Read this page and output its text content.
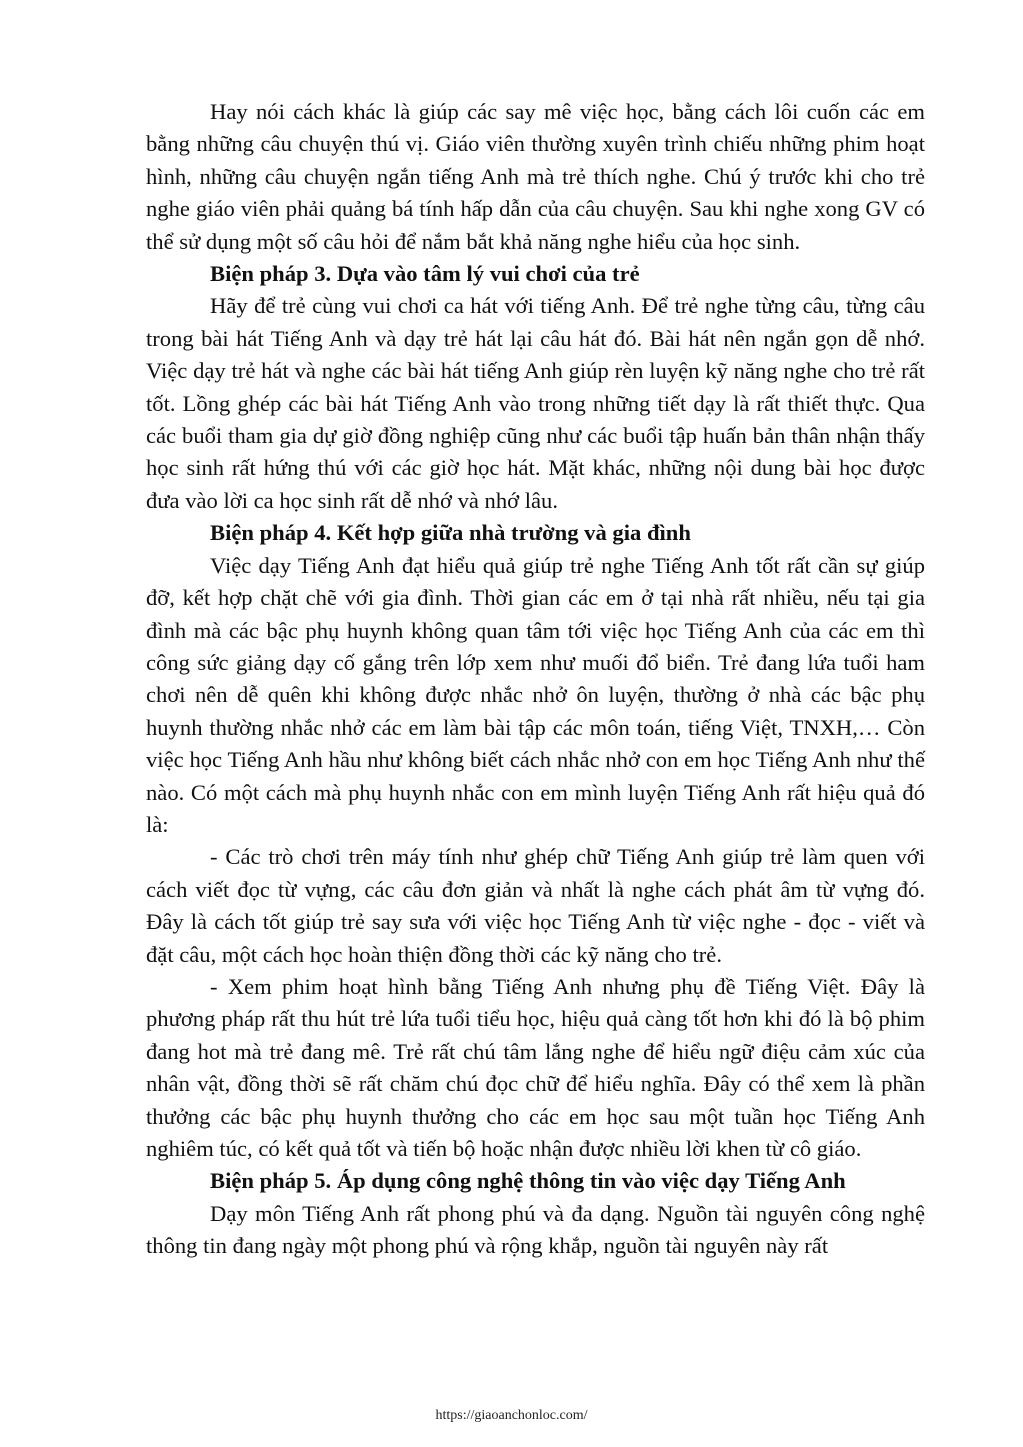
Hay nói cách khác là giúp các say mê việc học, bằng cách lôi cuốn các em bằng những câu chuyện thú vị. Giáo viên thường xuyên trình chiếu những phim hoạt hình, những câu chuyện ngắn tiếng Anh mà trẻ thích nghe. Chú ý trước khi cho trẻ nghe giáo viên phải quảng bá tính hấp dẫn của câu chuyện. Sau khi nghe xong GV có thể sử dụng một số câu hỏi để nắm bắt khả năng nghe hiểu của học sinh.

Biện pháp 3. Dựa vào tâm lý vui chơi của trẻ

Hãy để trẻ cùng vui chơi ca hát với tiếng Anh. Để trẻ nghe từng câu, từng câu trong bài hát Tiếng Anh và dạy trẻ hát lại câu hát đó. Bài hát nên ngắn gọn dễ nhớ. Việc dạy trẻ hát và nghe các bài hát tiếng Anh giúp rèn luyện kỹ năng nghe cho trẻ rất tốt. Lồng ghép các bài hát Tiếng Anh vào trong những tiết dạy là rất thiết thực. Qua các buổi tham gia dự giờ đồng nghiệp cũng như các buổi tập huấn bản thân nhận thấy học sinh rất hứng thú với các giờ học hát. Mặt khác, những nội dung bài học được đưa vào lời ca học sinh rất dễ nhớ và nhớ lâu.

Biện pháp 4. Kết hợp giữa nhà trường và gia đình

Việc dạy Tiếng Anh đạt hiểu quả giúp trẻ nghe Tiếng Anh tốt rất cần sự giúp đỡ, kết hợp chặt chẽ với gia đình. Thời gian các em ở tại nhà rất nhiều, nếu tại gia đình mà các bậc phụ huynh không quan tâm tới việc học Tiếng Anh của các em thì công sức giảng dạy cố gắng trên lớp xem như muối đổ biển. Trẻ đang lứa tuổi ham chơi nên dễ quên khi không được nhắc nhở ôn luyện, thường ở nhà các bậc phụ huynh thường nhắc nhở các em làm bài tập các môn toán, tiếng Việt, TNXH,… Còn việc học Tiếng Anh hầu như không biết cách nhắc nhở con em học Tiếng Anh như thế nào. Có một cách mà phụ huynh nhắc con em mình luyện Tiếng Anh rất hiệu quả đó là:

- Các trò chơi trên máy tính như ghép chữ Tiếng Anh giúp trẻ làm quen với cách viết đọc từ vựng, các câu đơn giản và nhất là nghe cách phát âm từ vựng đó. Đây là cách tốt giúp trẻ say sưa với việc học Tiếng Anh từ việc nghe - đọc - viết và đặt câu, một cách học hoàn thiện đồng thời các kỹ năng cho trẻ.

- Xem phim hoạt hình bằng Tiếng Anh nhưng phụ đề Tiếng Việt. Đây là phương pháp rất thu hút trẻ lứa tuổi tiểu học, hiệu quả càng tốt hơn khi đó là bộ phim đang hot mà trẻ đang mê. Trẻ rất chú tâm lắng nghe để hiểu ngữ điệu cảm xúc của nhân vật, đồng thời sẽ rất chăm chú đọc chữ để hiểu nghĩa. Đây có thể xem là phần thưởng các bậc phụ huynh thưởng cho các em học sau một tuần học Tiếng Anh nghiêm túc, có kết quả tốt và tiến bộ hoặc nhận được nhiều lời khen từ cô giáo.

Biện pháp 5. Áp dụng công nghệ thông tin vào việc dạy Tiếng Anh

Dạy môn Tiếng Anh rất phong phú và đa dạng. Nguồn tài nguyên công nghệ thông tin đang ngày một phong phú và rộng khắp, nguồn tài nguyên này rất

https://giaoanchonloc.com/
